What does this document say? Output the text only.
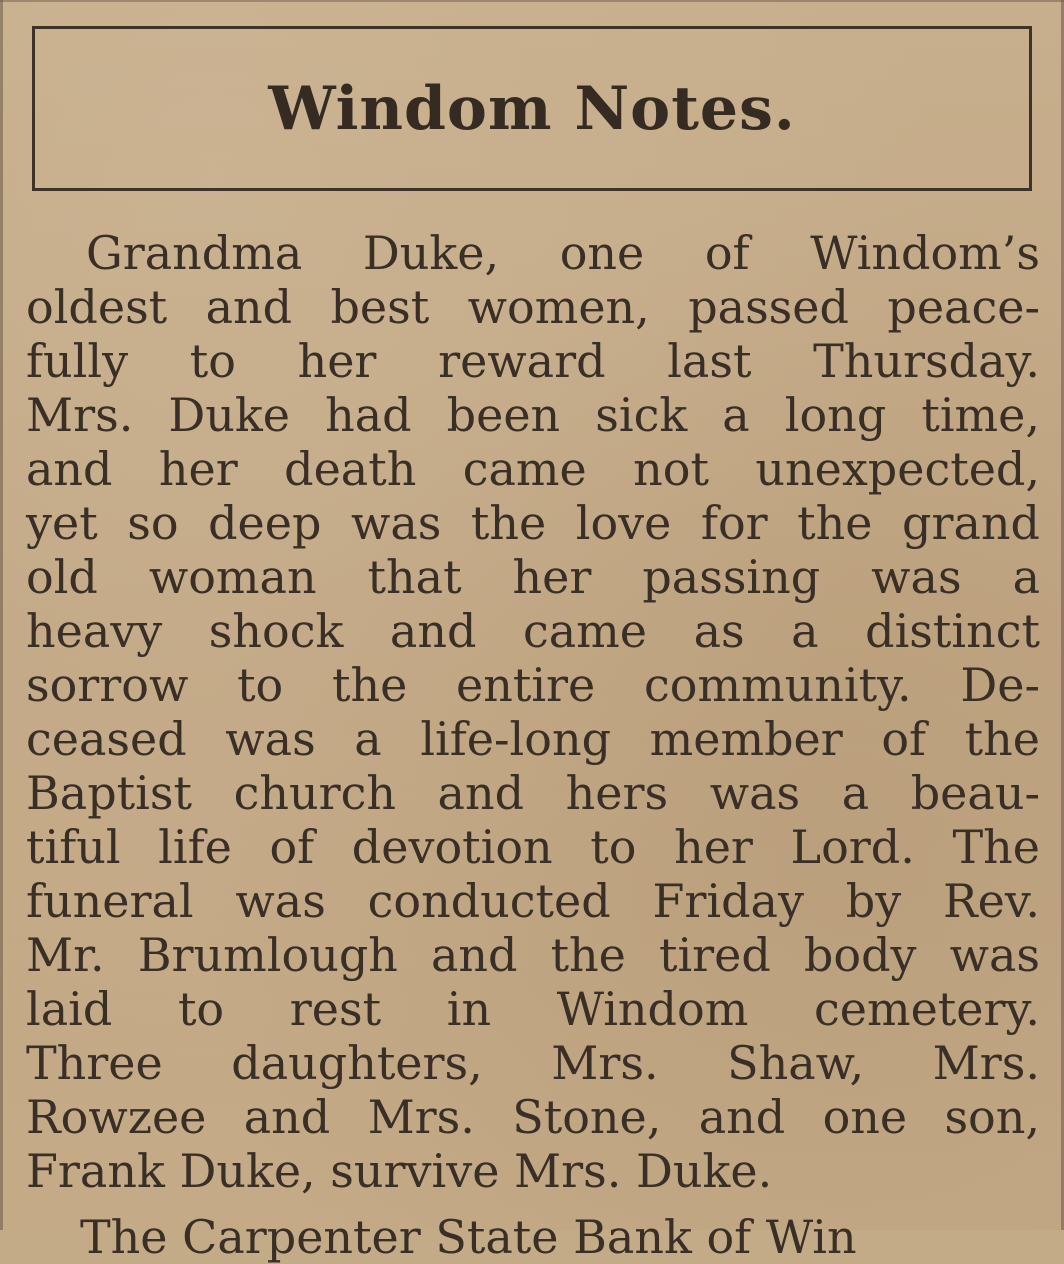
Windom Notes.
Grandma Duke, one of Windom’s
oldest and best women, passed peace-
fully to her reward last Thursday.
Mrs. Duke had been sick a long time,
and her death came not unexpected,
yet so deep was the love for the grand
old woman that her passing was a
heavy shock and came as a distinct
sorrow to the entire community. De-
ceased was a life-long member of the
Baptist church and hers was a beau-
tiful life of devotion to her Lord. The
funeral was conducted Friday by Rev.
Mr. Brumlough and the tired body was
laid to rest in Windom cemetery.
Three daughters, Mrs. Shaw, Mrs.
Rowzee and Mrs. Stone, and one son,
Frank Duke, survive Mrs. Duke.
The Carpenter State Bank of Win
